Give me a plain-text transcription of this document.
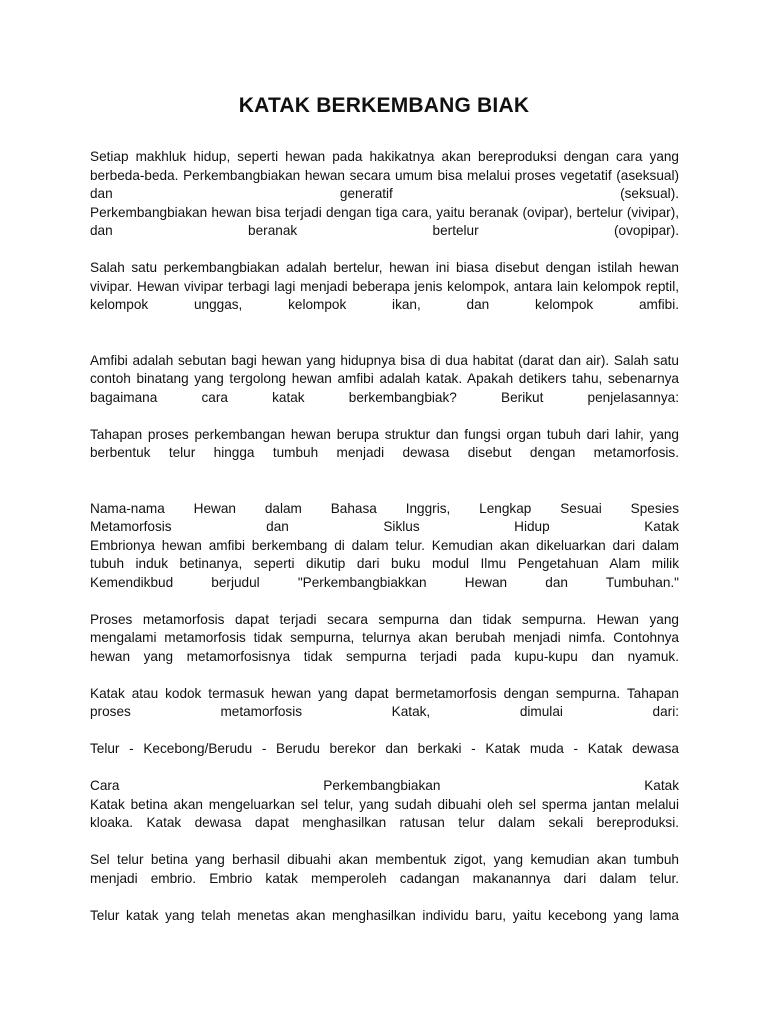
KATAK BERKEMBANG BIAK

Setiap makhluk hidup, seperti hewan pada hakikatnya akan bereproduksi dengan cara yang
berbeda-beda. Perkembangbiakan hewan secara umum bisa melalui proses vegetatif (aseksual)
dan generatif (seksual).
Perkembangbiakan hewan bisa terjadi dengan tiga cara, yaitu beranak (ovipar), bertelur (vivipar),
dan beranak bertelur (ovopipar).

Salah satu perkembangbiakan adalah bertelur, hewan ini biasa disebut dengan istilah hewan
vivipar. Hewan vivipar terbagi lagi menjadi beberapa jenis kelompok, antara lain kelompok reptil,
kelompok unggas, kelompok ikan, dan kelompok amfibi.

Amfibi adalah sebutan bagi hewan yang hidupnya bisa di dua habitat (darat dan air). Salah satu
contoh binatang yang tergolong hewan amfibi adalah katak. Apakah detikers tahu, sebenarnya
bagaimana cara katak berkembangbiak? Berikut penjelasannya:

Tahapan proses perkembangan hewan berupa struktur dan fungsi organ tubuh dari lahir, yang
berbentuk telur hingga tumbuh menjadi dewasa disebut dengan metamorfosis.

Nama-nama Hewan dalam Bahasa Inggris, Lengkap Sesuai Spesies
Metamorfosis dan Siklus Hidup Katak
Embrionya hewan amfibi berkembang di dalam telur. Kemudian akan dikeluarkan dari dalam
tubuh induk betinanya, seperti dikutip dari buku modul Ilmu Pengetahuan Alam milik
Kemendikbud berjudul "Perkembangbiakkan Hewan dan Tumbuhan."

Proses metamorfosis dapat terjadi secara sempurna dan tidak sempurna. Hewan yang
mengalami metamorfosis tidak sempurna, telurnya akan berubah menjadi nimfa. Contohnya
hewan yang metamorfosisnya tidak sempurna terjadi pada kupu-kupu dan nyamuk.

Katak atau kodok termasuk hewan yang dapat bermetamorfosis dengan sempurna. Tahapan
proses metamorfosis Katak, dimulai dari:

Telur - Kecebong/Berudu - Berudu berekor dan berkaki - Katak muda - Katak dewasa

Cara Perkembangbiakan Katak
Katak betina akan mengeluarkan sel telur, yang sudah dibuahi oleh sel sperma jantan melalui
kloaka. Katak dewasa dapat menghasilkan ratusan telur dalam sekali bereproduksi.

Sel telur betina yang berhasil dibuahi akan membentuk zigot, yang kemudian akan tumbuh
menjadi embrio. Embrio katak memperoleh cadangan makanannya dari dalam telur.

Telur katak yang telah menetas akan menghasilkan individu baru, yaitu kecebong yang lama
